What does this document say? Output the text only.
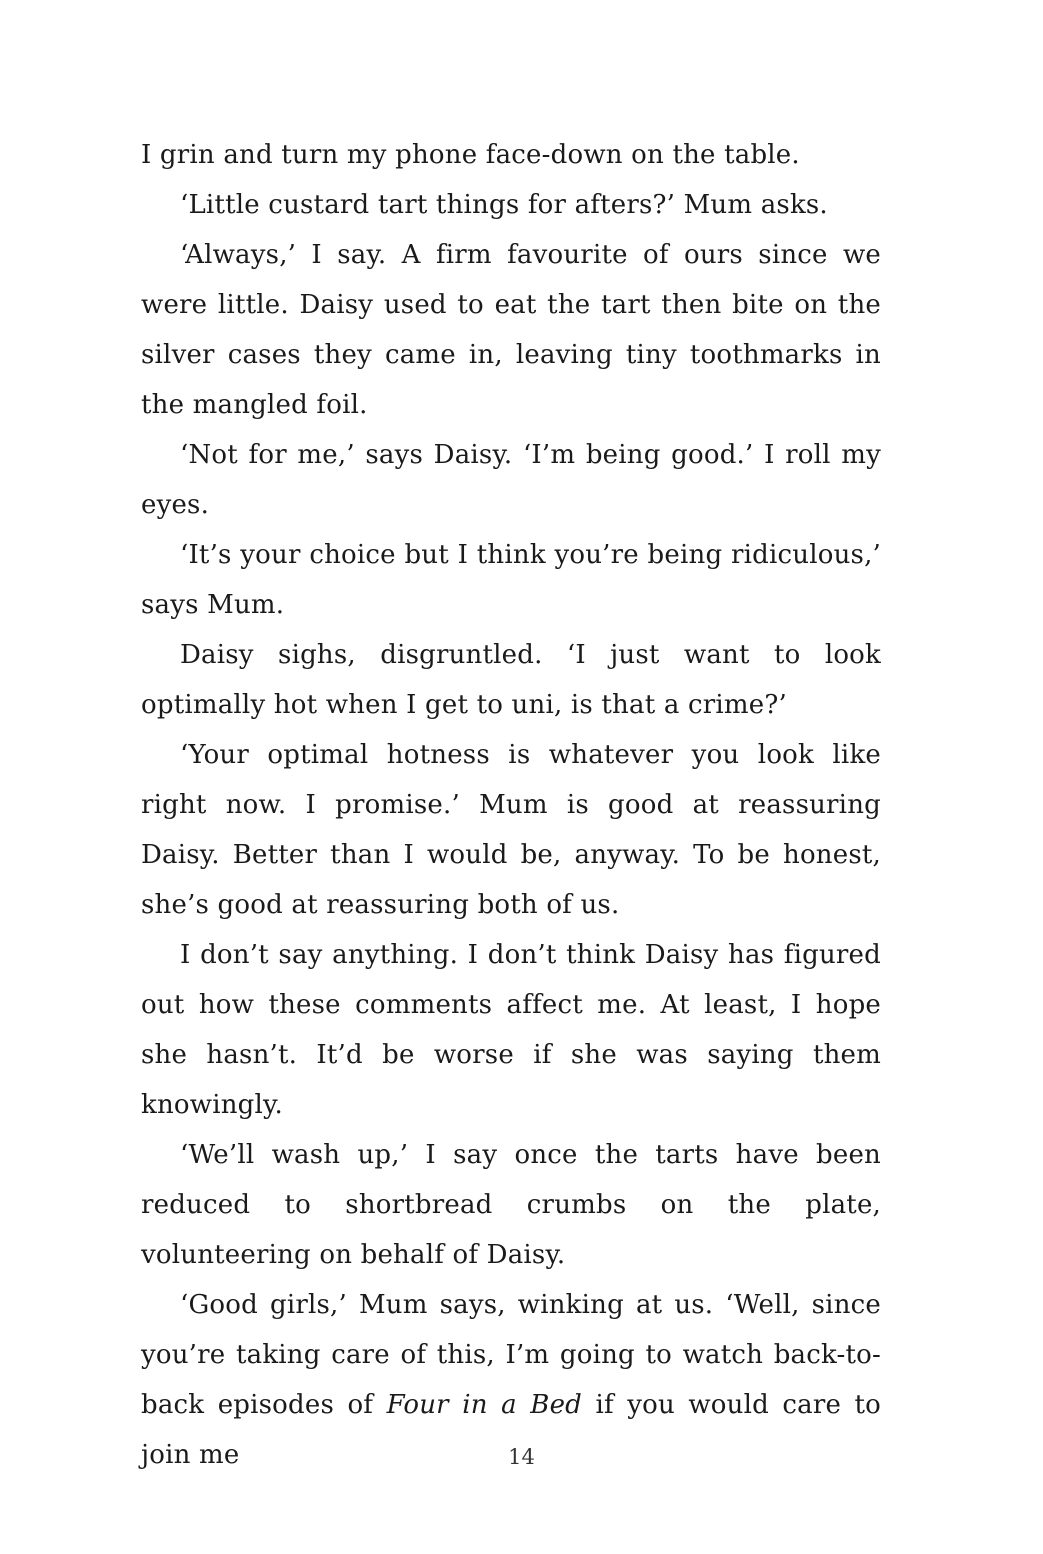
I grin and turn my phone face-down on the table.

‘Little custard tart things for afters?’ Mum asks.

‘Always,’ I say. A firm favourite of ours since we were little. Daisy used to eat the tart then bite on the silver cases they came in, leaving tiny toothmarks in the mangled foil.

‘Not for me,’ says Daisy. ‘I’m being good.’ I roll my eyes.

‘It’s your choice but I think you’re being ridiculous,’ says Mum.

Daisy sighs, disgruntled. ‘I just want to look optimally hot when I get to uni, is that a crime?’

‘Your optimal hotness is whatever you look like right now. I promise.’ Mum is good at reassuring Daisy. Better than I would be, anyway. To be honest, she’s good at reassuring both of us.

I don’t say anything. I don’t think Daisy has figured out how these comments affect me. At least, I hope she hasn’t. It’d be worse if she was saying them knowingly.

‘We’ll wash up,’ I say once the tarts have been reduced to shortbread crumbs on the plate, volunteering on behalf of Daisy.

‘Good girls,’ Mum says, winking at us. ‘Well, since you’re taking care of this, I’m going to watch back-to-back episodes of Four in a Bed if you would care to join me	14
